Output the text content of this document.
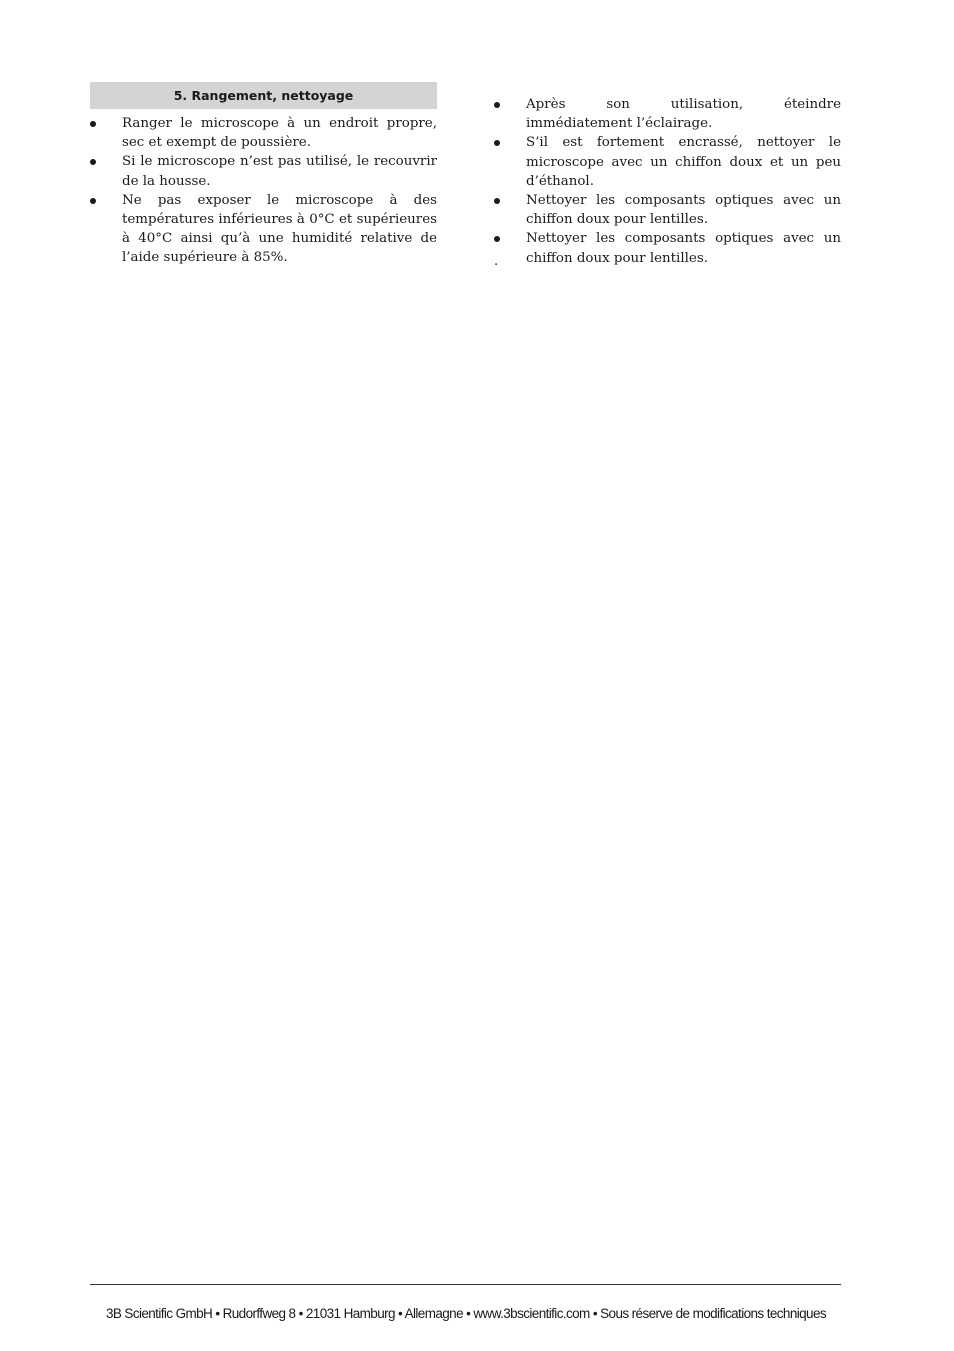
5. Rangement, nettoyage
Ranger le microscope à un endroit propre, sec et exempt de poussière.
Si le microscope n’est pas utilisé, le recouvrir de la housse.
Ne pas exposer le microscope à des températures inférieures à 0°C et supérieures à 40°C ainsi qu’à une humidité relative de l’aide supérieure à 85%.
Après son utilisation, éteindre immédiatement l’éclairage.
S’il est fortement encrassé, nettoyer le microscope avec un chiffon doux et un peu d’éthanol.
Nettoyer les composants optiques avec un chiffon doux pour lentilles.
Nettoyer les composants optiques avec un chiffon doux pour lentilles.
.
3B Scientific GmbH • Rudorffweg 8 • 21031 Hamburg • Allemagne • www.3bscientific.com • Sous réserve de modifications techniques
